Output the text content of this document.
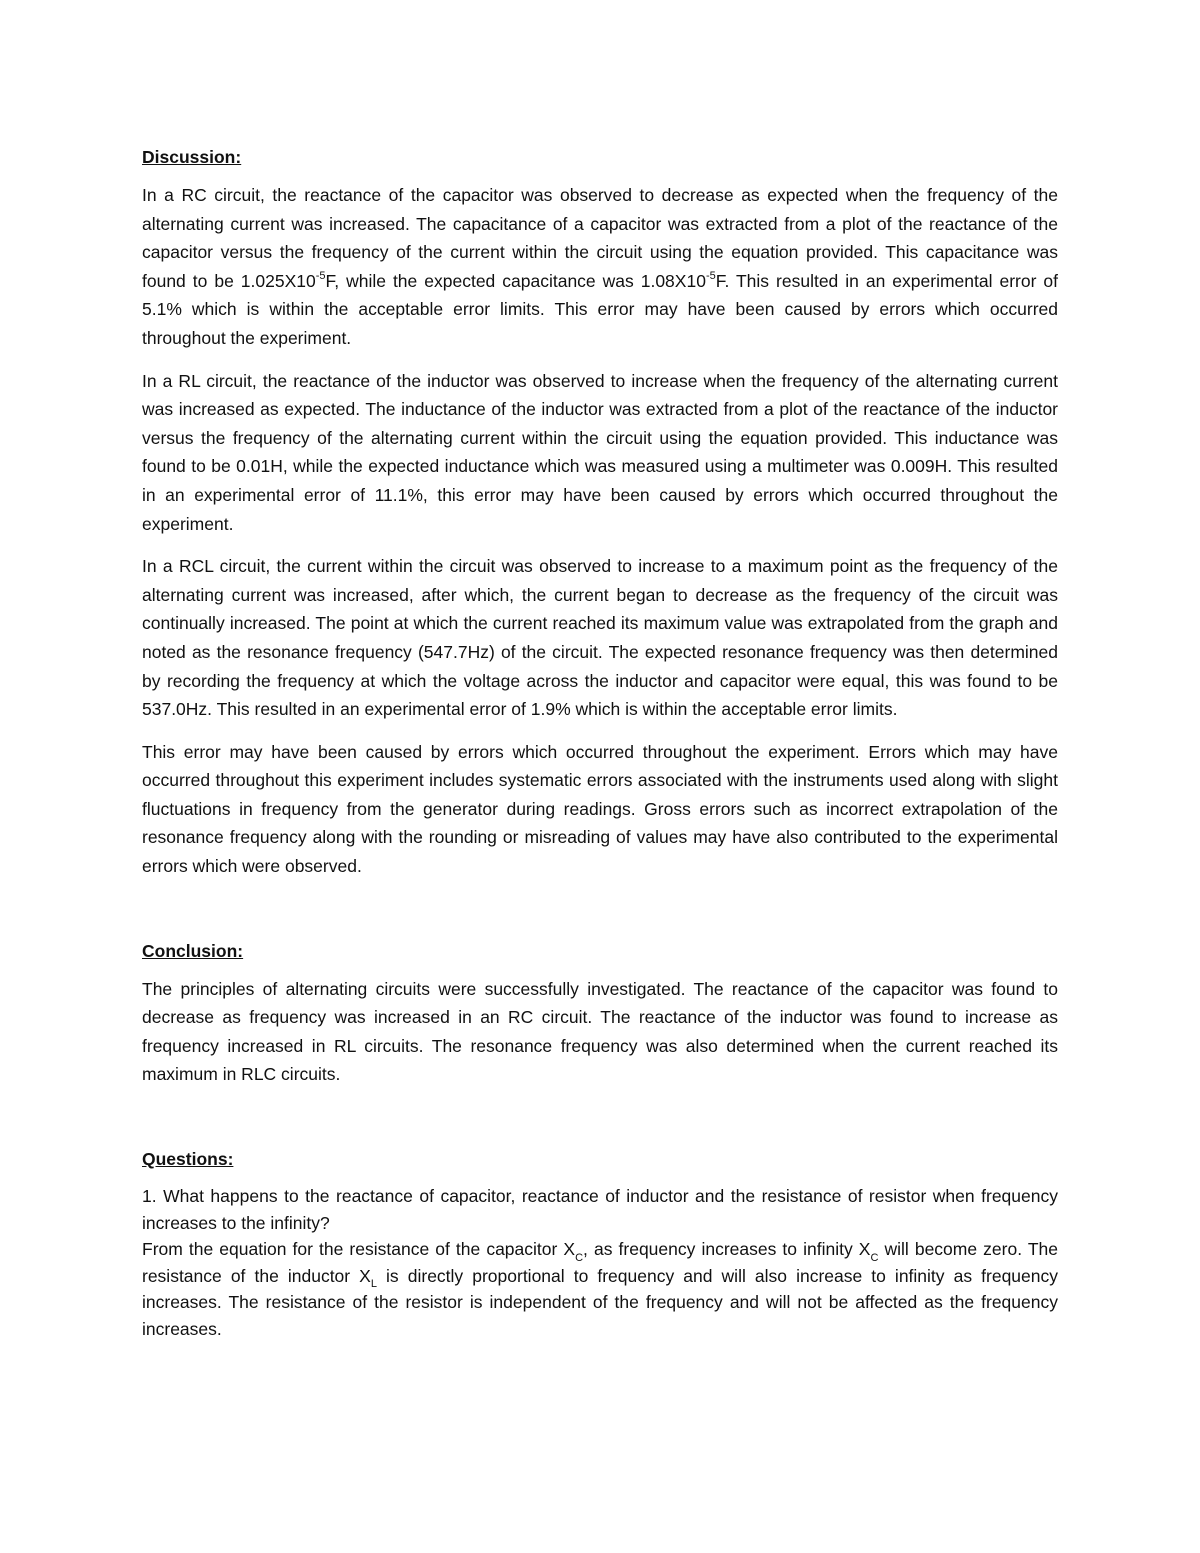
Discussion:

In a RC circuit, the reactance of the capacitor was observed to decrease as expected when the frequency of the alternating current was increased. The capacitance of a capacitor was extracted from a plot of the reactance of the capacitor versus the frequency of the current within the circuit using the equation provided. This capacitance was found to be $1.025X10^{-5}F$, while the expected capacitance was $1.08X10^{-5}F$. This resulted in an experimental error of 5.1% which is within the acceptable error limits. This error may have been caused by errors which occurred throughout the experiment.

In a RL circuit, the reactance of the inductor was observed to increase when the frequency of the alternating current was increased as expected. The inductance of the inductor was extracted from a plot of the reactance of the inductor versus the frequency of the alternating current within the circuit using the equation provided. This inductance was found to be 0.01H, while the expected inductance which was measured using a multimeter was 0.009H. This resulted in an experimental error of 11.1%, this error may have been caused by errors which occurred throughout the experiment.

In a RCL circuit, the current within the circuit was observed to increase to a maximum point as the frequency of the alternating current was increased, after which, the current began to decrease as the frequency of the circuit was continually increased. The point at which the current reached its maximum value was extrapolated from the graph and noted as the resonance frequency (547.7Hz) of the circuit. The expected resonance frequency was then determined by recording the frequency at which the voltage across the inductor and capacitor were equal, this was found to be 537.0Hz. This resulted in an experimental error of 1.9% which is within the acceptable error limits.

This error may have been caused by errors which occurred throughout the experiment. Errors which may have occurred throughout this experiment includes systematic errors associated with the instruments used along with slight fluctuations in frequency from the generator during readings. Gross errors such as incorrect extrapolation of the resonance frequency along with the rounding or misreading of values may have also contributed to the experimental errors which were observed.

Conclusion:

The principles of alternating circuits were successfully investigated. The reactance of the capacitor was found to decrease as frequency was increased in an RC circuit. The reactance of the inductor was found to increase as frequency increased in RL circuits. The resonance frequency was also determined when the current reached its maximum in RLC circuits.

Questions:

1. What happens to the reactance of capacitor, reactance of inductor and the resistance of resistor when frequency increases to the infinity?

From the equation for the resistance of the capacitor $X_C$, as frequency increases to infinity $X_C$ will become zero. The resistance of the inductor $X_L$ is directly proportional to frequency and will also increase to infinity as frequency increases. The resistance of the resistor is independent of the frequency and will not be affected as the frequency increases.
